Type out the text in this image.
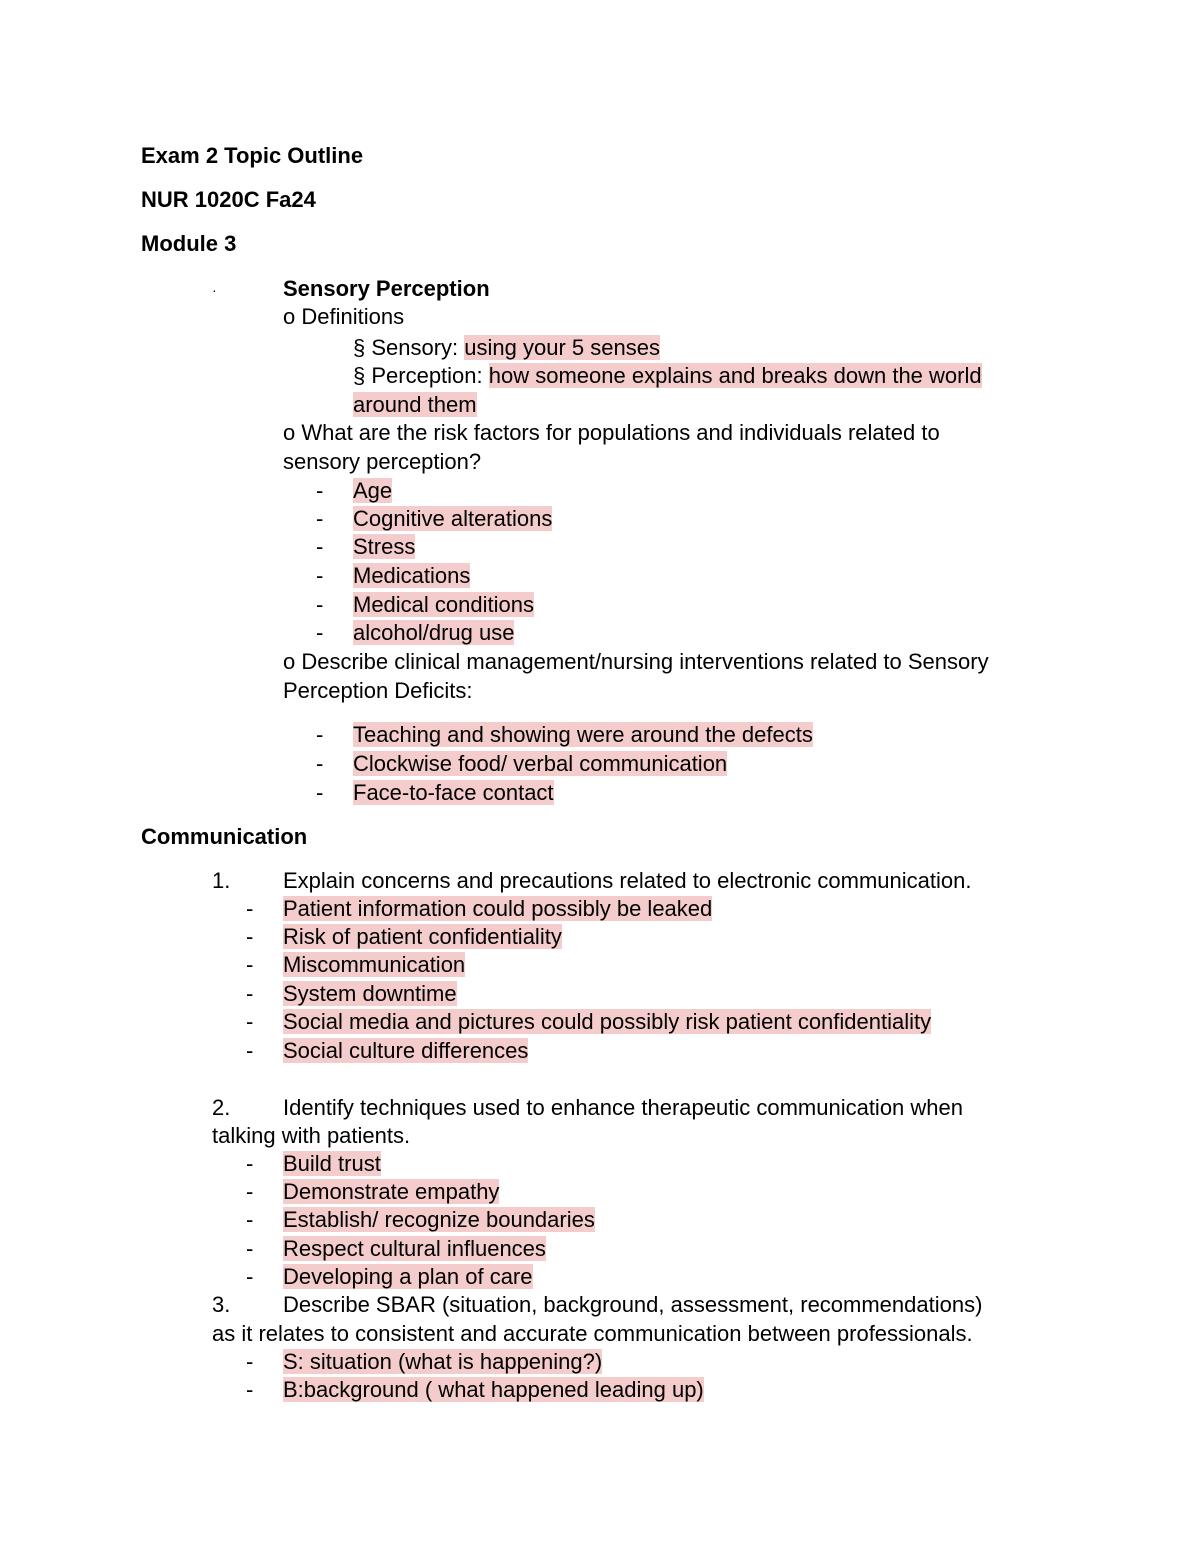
Exam 2 Topic Outline

NUR 1020C Fa24

Module 3

·	Sensory Perception

o Definitions

§ Sensory: using your 5 senses

§ Perception: how someone explains and breaks down the world

around them

o What are the risk factors for populations and individuals related to

sensory perception?

- Age

- Cognitive alterations

- Stress

- Medications

- Medical conditions

- alcohol/drug use

o Describe clinical management/nursing interventions related to Sensory

Perception Deficits:

- Teaching and showing were around the defects

- Clockwise food/ verbal communication

- Face-to-face contact

Communication

1. Explain concerns and precautions related to electronic communication.

- Patient information could possibly be leaked

- Risk of patient confidentiality

- Miscommunication

- System downtime

- Social media and pictures could possibly risk patient confidentiality

- Social culture differences

2. Identify techniques used to enhance therapeutic communication when

talking with patients.

- Build trust

- Demonstrate empathy

- Establish/ recognize boundaries

- Respect cultural influences

- Developing a plan of care

3. Describe SBAR (situation, background, assessment, recommendations)

as it relates to consistent and accurate communication between professionals.

- S: situation (what is happening?)

- B:background ( what happened leading up)
